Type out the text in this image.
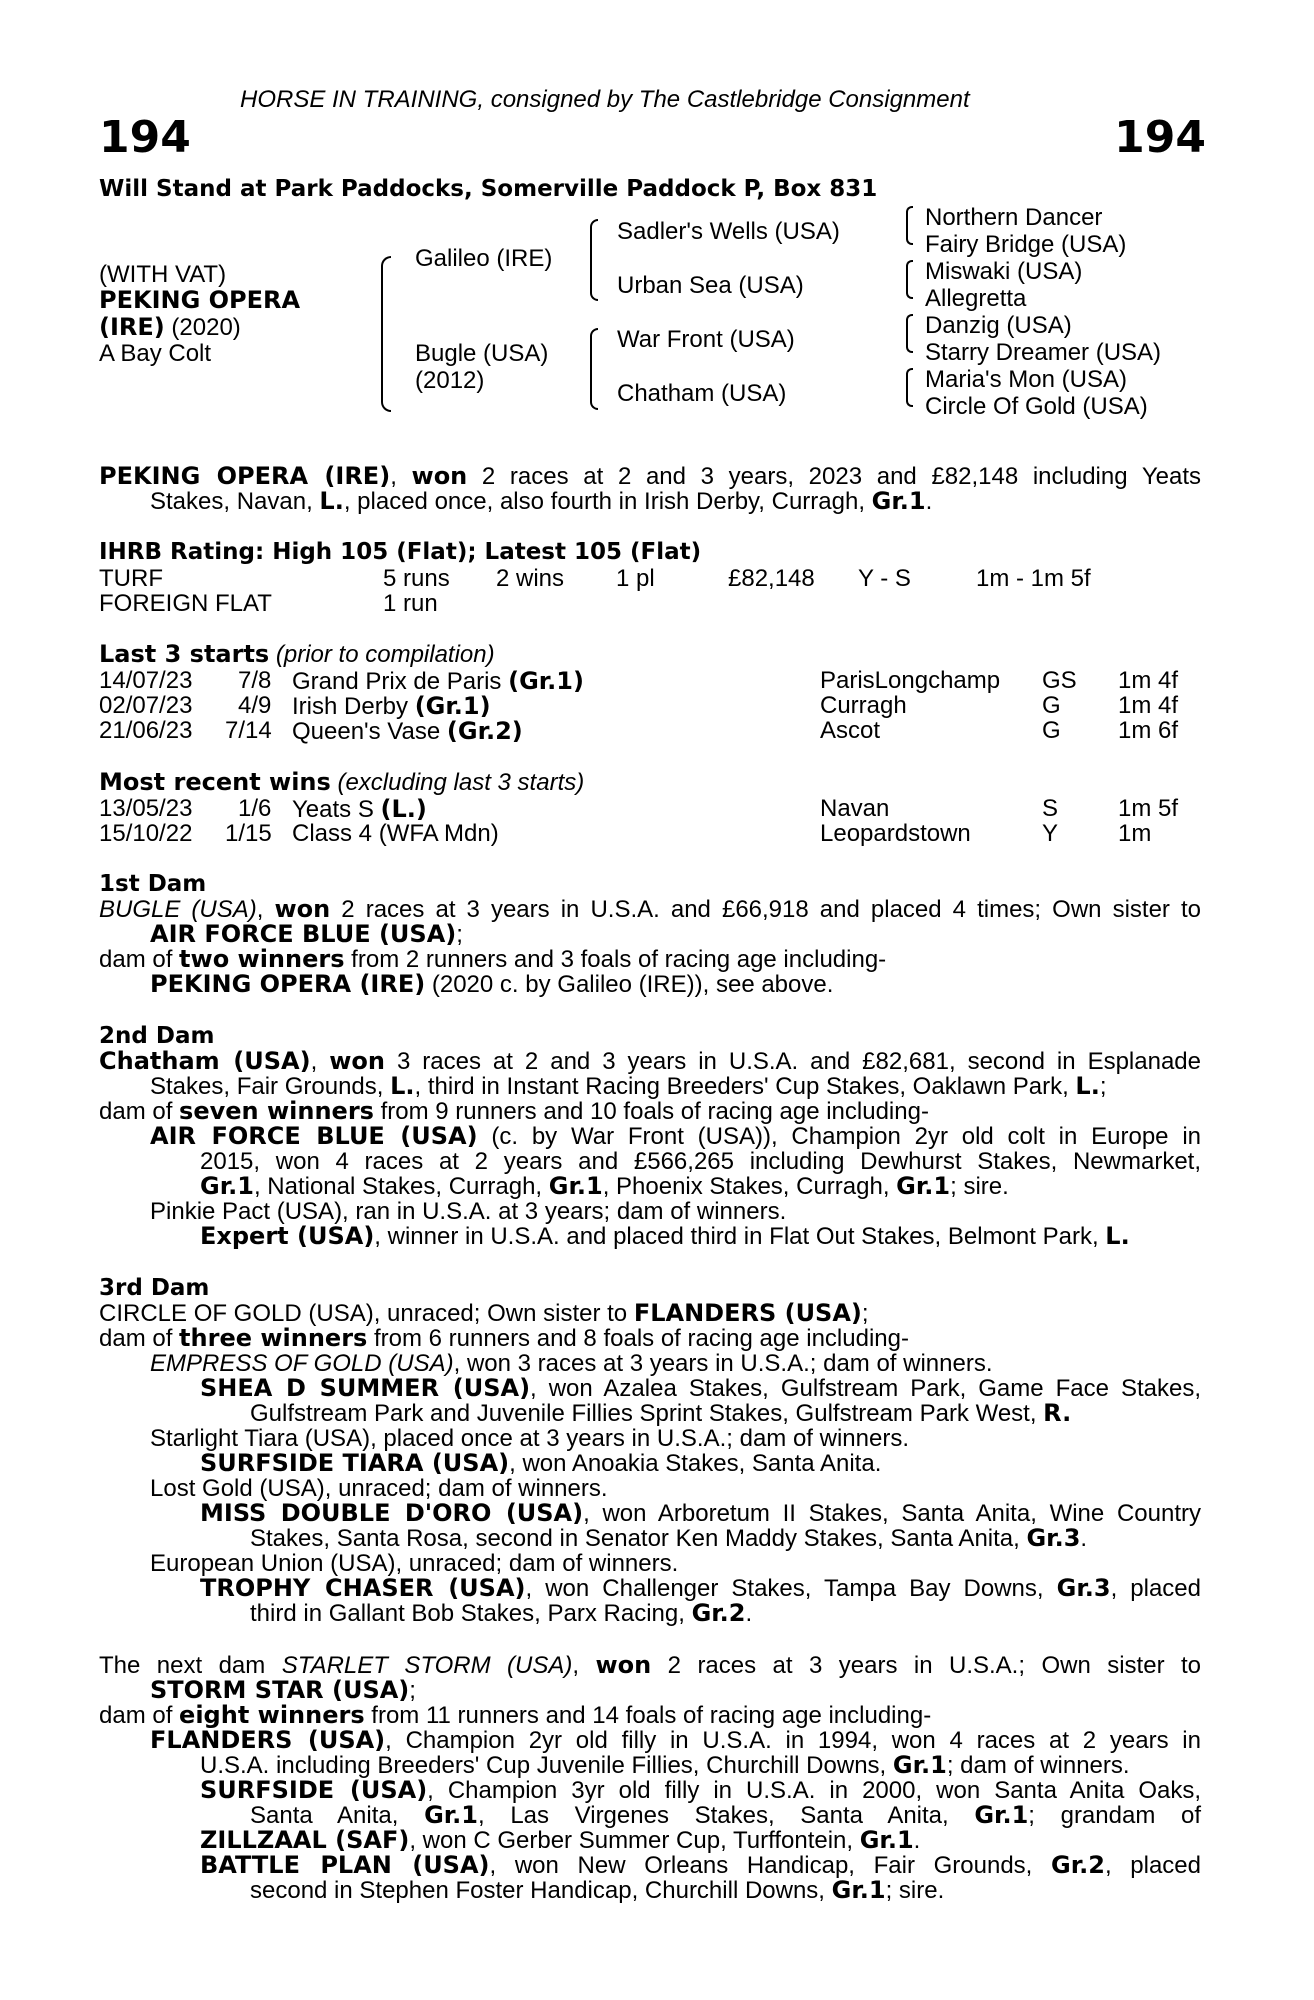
HORSE IN TRAINING, consigned by The Castlebridge Consignment
194	194
Will Stand at Park Paddocks, Somerville Paddock P, Box 831
(WITH VAT)
PEKING OPERA
(IRE) (2020)
A Bay Colt
Galileo (IRE)
Bugle (USA)
(2012)
Sadler's Wells (USA)
Urban Sea (USA)
War Front (USA)
Chatham (USA)
Northern Dancer
Fairy Bridge (USA)
Miswaki (USA)
Allegretta
Danzig (USA)
Starry Dreamer (USA)
Maria's Mon (USA)
Circle Of Gold (USA)
PEKING OPERA (IRE), won 2 races at 2 and 3 years, 2023 and £82,148 including Yeats
Stakes, Navan, L., placed once, also fourth in Irish Derby, Curragh, Gr.1.
IHRB Rating: High 105 (Flat); Latest 105 (Flat)
TURF	5 runs 2 wins 1 pl	£82,148 Y - S	1m - 1m 5f
FOREIGN FLAT	1 run
Last 3 starts (prior to compilation)
14/07/23 7/8 Grand Prix de Paris (Gr.1)	ParisLongchamp GS 1m 4f
02/07/23 4/9 Irish Derby (Gr.1)	Curragh	G 1m 4f
21/06/23 7/14 Queen's Vase (Gr.2)	Ascot	G 1m 6f
Most recent wins (excluding last 3 starts)
13/05/23 1/6 Yeats S (L.)	Navan	S 1m 5f
15/10/22 1/15 Class 4 (WFA Mdn)	Leopardstown	Y 1m
1st Dam
BUGLE (USA), won 2 races at 3 years in U.S.A. and £66,918 and placed 4 times; Own sister to
AIR FORCE BLUE (USA);
dam of two winners from 2 runners and 3 foals of racing age including-
PEKING OPERA (IRE) (2020 c. by Galileo (IRE)), see above.
2nd Dam
Chatham (USA), won 3 races at 2 and 3 years in U.S.A. and £82,681, second in Esplanade
Stakes, Fair Grounds, L., third in Instant Racing Breeders' Cup Stakes, Oaklawn Park, L.;
dam of seven winners from 9 runners and 10 foals of racing age including-
AIR FORCE BLUE (USA) (c. by War Front (USA)), Champion 2yr old colt in Europe in
2015, won 4 races at 2 years and £566,265 including Dewhurst Stakes, Newmarket,
Gr.1, National Stakes, Curragh, Gr.1, Phoenix Stakes, Curragh, Gr.1; sire.
Pinkie Pact (USA), ran in U.S.A. at 3 years; dam of winners.
Expert (USA), winner in U.S.A. and placed third in Flat Out Stakes, Belmont Park, L.
3rd Dam
CIRCLE OF GOLD (USA), unraced; Own sister to FLANDERS (USA);
dam of three winners from 6 runners and 8 foals of racing age including-
EMPRESS OF GOLD (USA), won 3 races at 3 years in U.S.A.; dam of winners.
SHEA D SUMMER (USA), won Azalea Stakes, Gulfstream Park, Game Face Stakes,
Gulfstream Park and Juvenile Fillies Sprint Stakes, Gulfstream Park West, R.
Starlight Tiara (USA), placed once at 3 years in U.S.A.; dam of winners.
SURFSIDE TIARA (USA), won Anoakia Stakes, Santa Anita.
Lost Gold (USA), unraced; dam of winners.
MISS DOUBLE D'ORO (USA), won Arboretum II Stakes, Santa Anita, Wine Country
Stakes, Santa Rosa, second in Senator Ken Maddy Stakes, Santa Anita, Gr.3.
European Union (USA), unraced; dam of winners.
TROPHY CHASER (USA), won Challenger Stakes, Tampa Bay Downs, Gr.3, placed
third in Gallant Bob Stakes, Parx Racing, Gr.2.
The next dam STARLET STORM (USA), won 2 races at 3 years in U.S.A.; Own sister to
STORM STAR (USA);
dam of eight winners from 11 runners and 14 foals of racing age including-
FLANDERS (USA), Champion 2yr old filly in U.S.A. in 1994, won 4 races at 2 years in
U.S.A. including Breeders' Cup Juvenile Fillies, Churchill Downs, Gr.1; dam of winners.
SURFSIDE (USA), Champion 3yr old filly in U.S.A. in 2000, won Santa Anita Oaks,
Santa Anita, Gr.1, Las Virgenes Stakes, Santa Anita, Gr.1; grandam of
ZILLZAAL (SAF), won C Gerber Summer Cup, Turffontein, Gr.1.
BATTLE PLAN (USA), won New Orleans Handicap, Fair Grounds, Gr.2, placed
second in Stephen Foster Handicap, Churchill Downs, Gr.1; sire.
